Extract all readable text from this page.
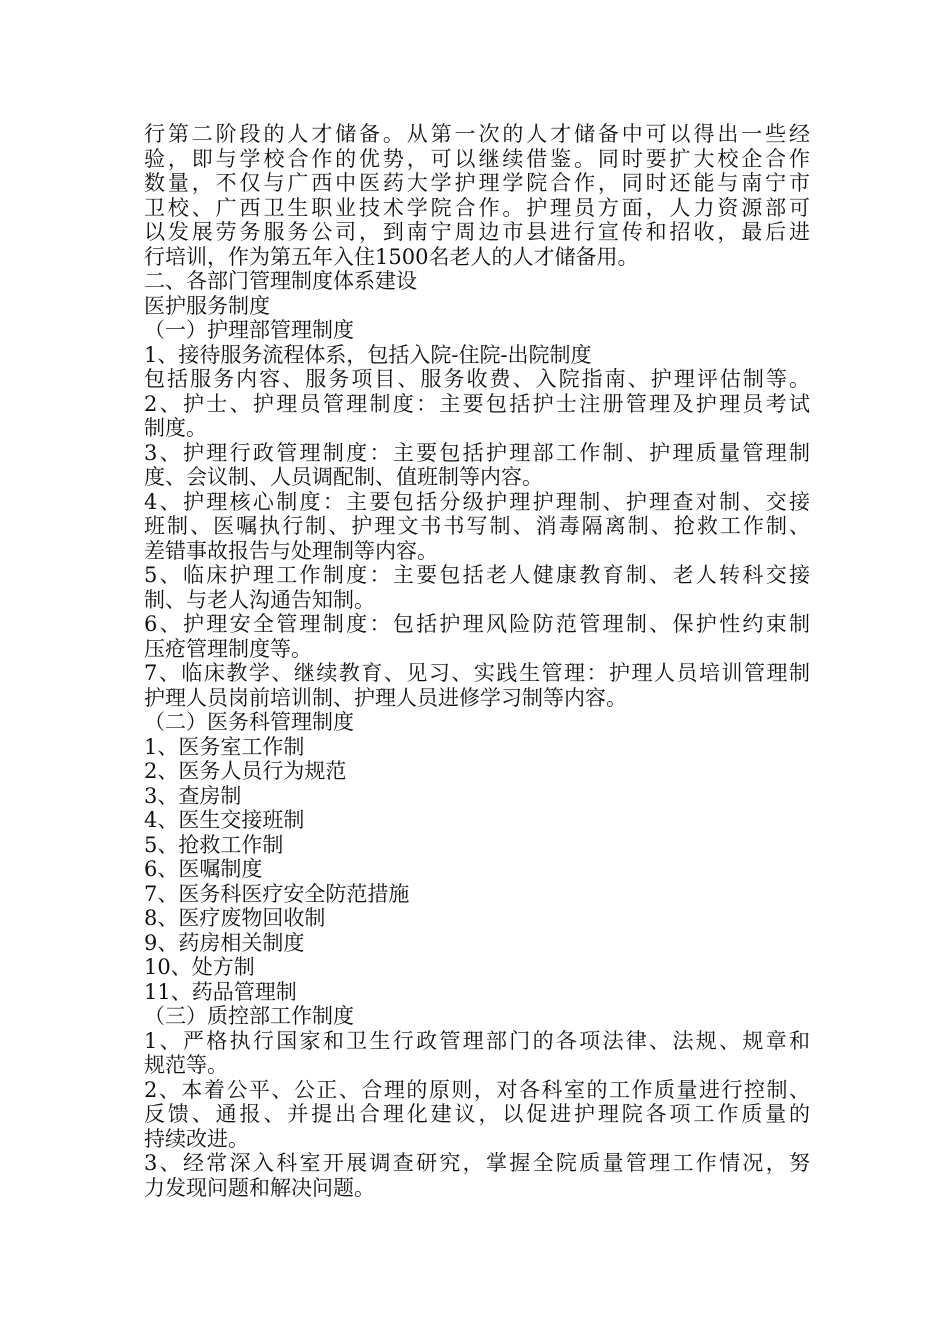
行第二阶段的人才储备。从第一次的人才储备中可以得出一些经
验，即与学校合作的优势，可以继续借鉴。同时要扩大校企合作
数量，不仅与广西中医药大学护理学院合作，同时还能与南宁市
卫校、广西卫生职业技术学院合作。护理员方面，人力资源部可
以发展劳务服务公司，到南宁周边市县进行宣传和招收，最后进
行培训，作为第五年入住1500名老人的人才储备用。
二、各部门管理制度体系建设
医护服务制度
（一）护理部管理制度
1、接待服务流程体系，包括入院-住院-出院制度
包括服务内容、服务项目、服务收费、入院指南、护理评估制等。
2、护士、护理员管理制度：主要包括护士注册管理及护理员考试
制度。
3、护理行政管理制度：主要包括护理部工作制、护理质量管理制
度、会议制、人员调配制、值班制等内容。
4、护理核心制度：主要包括分级护理护理制、护理查对制、交接
班制、医嘱执行制、护理文书书写制、消毒隔离制、抢救工作制、
差错事故报告与处理制等内容。
5、临床护理工作制度：主要包括老人健康教育制、老人转科交接
制、与老人沟通告知制。
6、护理安全管理制度：包括护理风险防范管理制、保护性约束制
压疮管理制度等。
7、临床教学、继续教育、见习、实践生管理：护理人员培训管理制
护理人员岗前培训制、护理人员进修学习制等内容。
（二）医务科管理制度
1、医务室工作制
2、医务人员行为规范
3、查房制
4、医生交接班制
5、抢救工作制
6、医嘱制度
7、医务科医疗安全防范措施
8、医疗废物回收制
9、药房相关制度
10、处方制
11、药品管理制
（三）质控部工作制度
1、严格执行国家和卫生行政管理部门的各项法律、法规、规章和
规范等。
2、本着公平、公正、合理的原则，对各科室的工作质量进行控制、
反馈、通报、并提出合理化建议，以促进护理院各项工作质量的
持续改进。
3、经常深入科室开展调查研究，掌握全院质量管理工作情况，努
力发现问题和解决问题。
